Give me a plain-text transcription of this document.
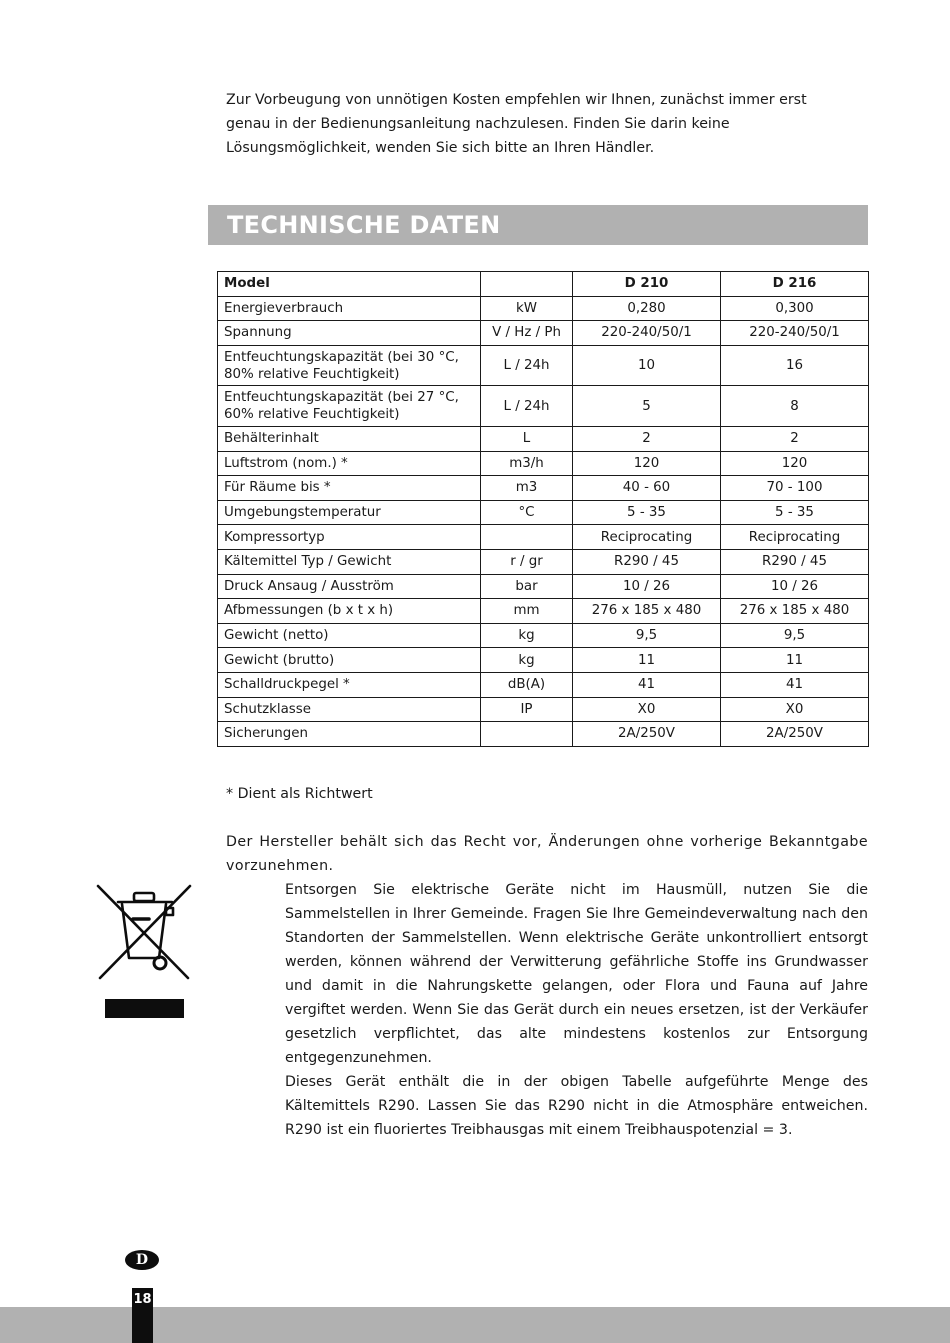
Zur Vorbeugung von unnötigen Kosten empfehlen wir Ihnen, zunächst immer erst genau in der Bedienungsanleitung nachzulesen. Finden Sie darin keine Lösungsmöglichkeit, wenden Sie sich bitte an Ihren Händler.

TECHNISCHE DATEN
Model		D 210	D 216
Energieverbrauch	kW	0,280	0,300
Spannung	V / Hz / Ph	220-240/50/1	220-240/50/1
Entfeuchtungskapazität (bei 30 °C, 80% relative Feuchtigkeit)	L / 24h	10	16
Entfeuchtungskapazität (bei 27 °C, 60% relative Feuchtigkeit)	L / 24h	5	8
Behälterinhalt	L	2	2
Luftstrom (nom.) *	m3/h	120	120
Für Räume bis *	m3	40 - 60	70 - 100
Umgebungstemperatur	°C	5 - 35	5 - 35
Kompressortyp		Reciprocating	Reciprocating
Kältemittel Typ / Gewicht	r / gr	R290 / 45	R290 / 45
Druck Ansaug / Ausström	bar	10 / 26	10 / 26
Afbmessungen (b x t x h)	mm	276 x 185 x 480	276 x 185 x 480
Gewicht (netto)	kg	9,5	9,5
Gewicht (brutto)	kg	11	11
Schalldruckpegel *	dB(A)	41	41
Schutzklasse	IP	X0	X0
Sicherungen		2A/250V	2A/250V

* Dient als Richtwert

Der Hersteller behält sich das Recht vor, Änderungen ohne vorherige Bekanntgabe vorzunehmen.

Entsorgen Sie elektrische Geräte nicht im Hausmüll, nutzen Sie die Sammelstellen in Ihrer Gemeinde. Fragen Sie Ihre Gemeindeverwaltung nach den Standorten der Sammelstellen. Wenn elektrische Geräte unkontrolliert entsorgt werden, können während der Verwitterung gefährliche Stoffe ins Grundwasser und damit in die Nahrungskette gelangen, oder Flora und Fauna auf Jahre vergiftet werden. Wenn Sie das Gerät durch ein neues ersetzen, ist der Verkäufer gesetzlich verpflichtet, das alte mindestens kostenlos zur Entsorgung entgegenzunehmen.

Dieses Gerät enthält die in der obigen Tabelle aufgeführte Menge des Kältemittels R290. Lassen Sie das R290 nicht in die Atmosphäre entweichen. R290 ist ein fluoriertes Treibhausgas mit einem Treibhauspotenzial = 3.

D
18
